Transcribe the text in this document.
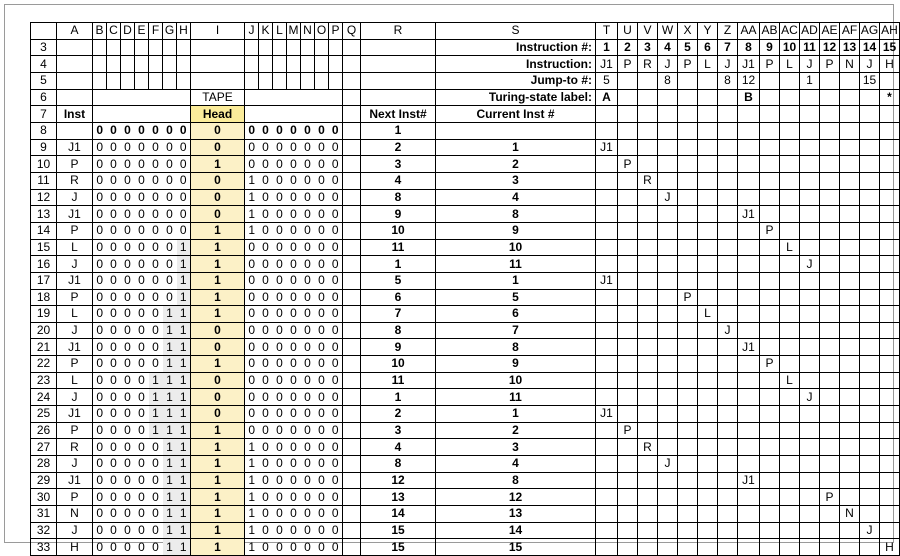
	A	B	C	D	E	F	G	H	I	J	K	L	M	N	O	P	Q	R	S	T	U	V	W	X	Y	Z	AA	AB	AC	AD	AE	AF	AG	AH
3																			Instruction #:	1	2	3	4	5	6	7	8	9	10	11	12	13	14	15
4																			Instruction:	J1	P	R	J	P	L	J	J1	P	L	J	P	N	J	H
5																			Jump-to #:	5			8			8	12			1			15	
6									TAPE										Turing-state label:	A							B							*
7	Inst								Head									Next Inst#	Current Inst #															
8		0	0	0	0	0	0	0	0	0	0	0	0	0	0	0		1																
9	J1	0	0	0	0	0	0	0	0	0	0	0	0	0	0	0		2	1	J1														
10	P	0	0	0	0	0	0	0	1	0	0	0	0	0	0	0		3	2		P													
11	R	0	0	0	0	0	0	0	0	1	0	0	0	0	0	0		4	3			R												
12	J	0	0	0	0	0	0	0	0	1	0	0	0	0	0	0		8	4				J											
13	J1	0	0	0	0	0	0	0	0	1	0	0	0	0	0	0		9	8								J1							
14	P	0	0	0	0	0	0	0	1	1	0	0	0	0	0	0		10	9									P						
15	L	0	0	0	0	0	0	1	1	0	0	0	0	0	0	0		11	10										L					
16	J	0	0	0	0	0	0	1	1	0	0	0	0	0	0	0		1	11											J				
17	J1	0	0	0	0	0	0	1	1	0	0	0	0	0	0	0		5	1	J1														
18	P	0	0	0	0	0	0	1	1	0	0	0	0	0	0	0		6	5					P										
19	L	0	0	0	0	0	1	1	1	0	0	0	0	0	0	0		7	6						L									
20	J	0	0	0	0	0	1	1	0	0	0	0	0	0	0	0		8	7							J								
21	J1	0	0	0	0	0	1	1	0	0	0	0	0	0	0	0		9	8								J1							
22	P	0	0	0	0	0	1	1	1	0	0	0	0	0	0	0		10	9									P						
23	L	0	0	0	0	1	1	1	0	0	0	0	0	0	0	0		11	10										L					
24	J	0	0	0	0	1	1	1	0	0	0	0	0	0	0	0		1	11											J				
25	J1	0	0	0	0	1	1	1	0	0	0	0	0	0	0	0		2	1	J1														
26	P	0	0	0	0	1	1	1	1	0	0	0	0	0	0	0		3	2		P													
27	R	0	0	0	0	0	1	1	1	1	0	0	0	0	0	0		4	3			R												
28	J	0	0	0	0	0	1	1	1	1	0	0	0	0	0	0		8	4				J											
29	J1	0	0	0	0	0	1	1	1	1	0	0	0	0	0	0		12	8								J1							
30	P	0	0	0	0	0	1	1	1	1	0	0	0	0	0	0		13	12												P			
31	N	0	0	0	0	0	1	1	1	1	0	0	0	0	0	0		14	13													N		
32	J	0	0	0	0	0	1	1	1	1	0	0	0	0	0	0		15	14														J	
33	H	0	0	0	0	0	1	1	1	1	0	0	0	0	0	0		15	15															H
